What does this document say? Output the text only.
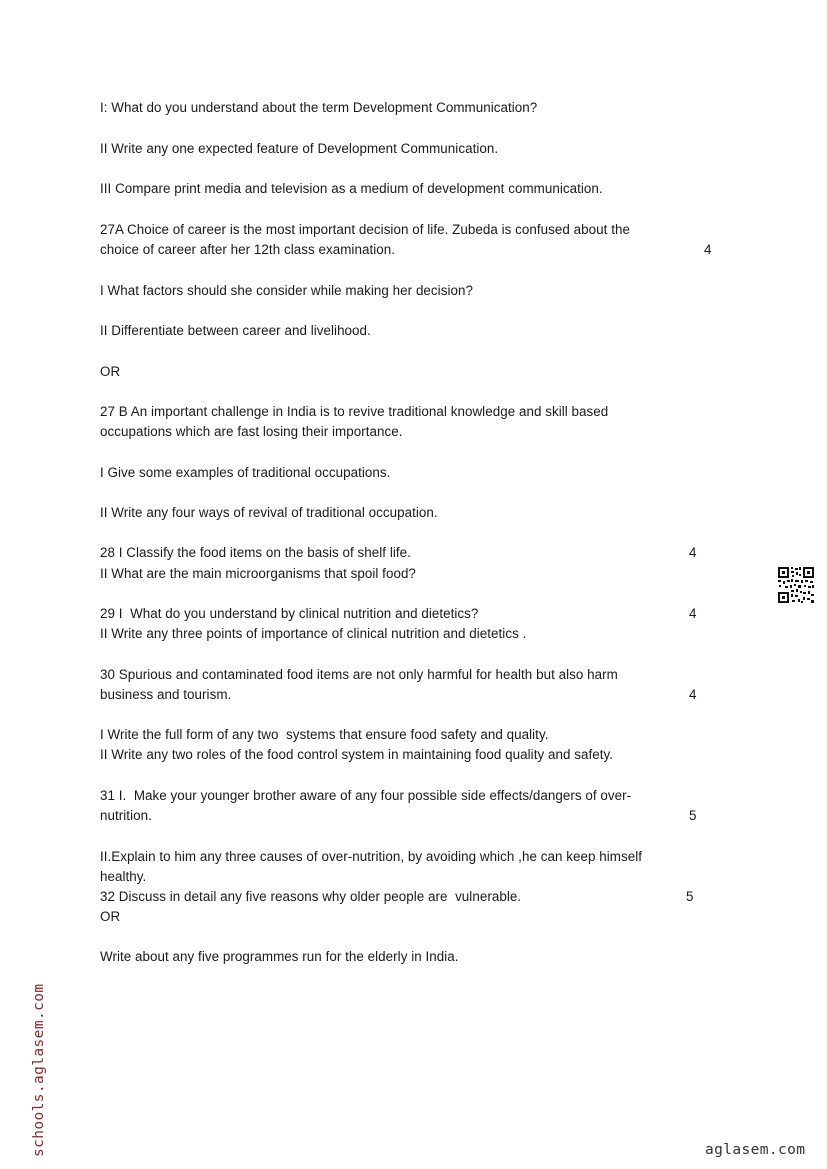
I: What do you understand about the term Development Communication?
II Write any one expected feature of Development Communication.
III Compare print media and television as a medium of development communication.
27A Choice of career is the most important decision of life. Zubeda is confused about the
choice of career after her 12th class examination.	4
I What factors should she consider while making her decision?
II Differentiate between career and livelihood.
OR
27 B An important challenge in India is to revive traditional knowledge and skill based
occupations which are fast losing their importance.
I Give some examples of traditional occupations.
II Write any four ways of revival of traditional occupation.
28 I Classify the food items on the basis of shelf life.	4
II What are the main microorganisms that spoil food?
29 I  What do you understand by clinical nutrition and dietetics?	4
II Write any three points of importance of clinical nutrition and dietetics .
30 Spurious and contaminated food items are not only harmful for health but also harm
business and tourism.	4
I Write the full form of any two  systems that ensure food safety and quality.
II Write any two roles of the food control system in maintaining food quality and safety.
31 I.  Make your younger brother aware of any four possible side effects/dangers of over-
nutrition.	5
II.Explain to him any three causes of over-nutrition, by avoiding which ,he can keep himself
healthy.
32 Discuss in detail any five reasons why older people are  vulnerable.	5
OR
Write about any five programmes run for the elderly in India.
schools.aglasem.com	aglasem.com
